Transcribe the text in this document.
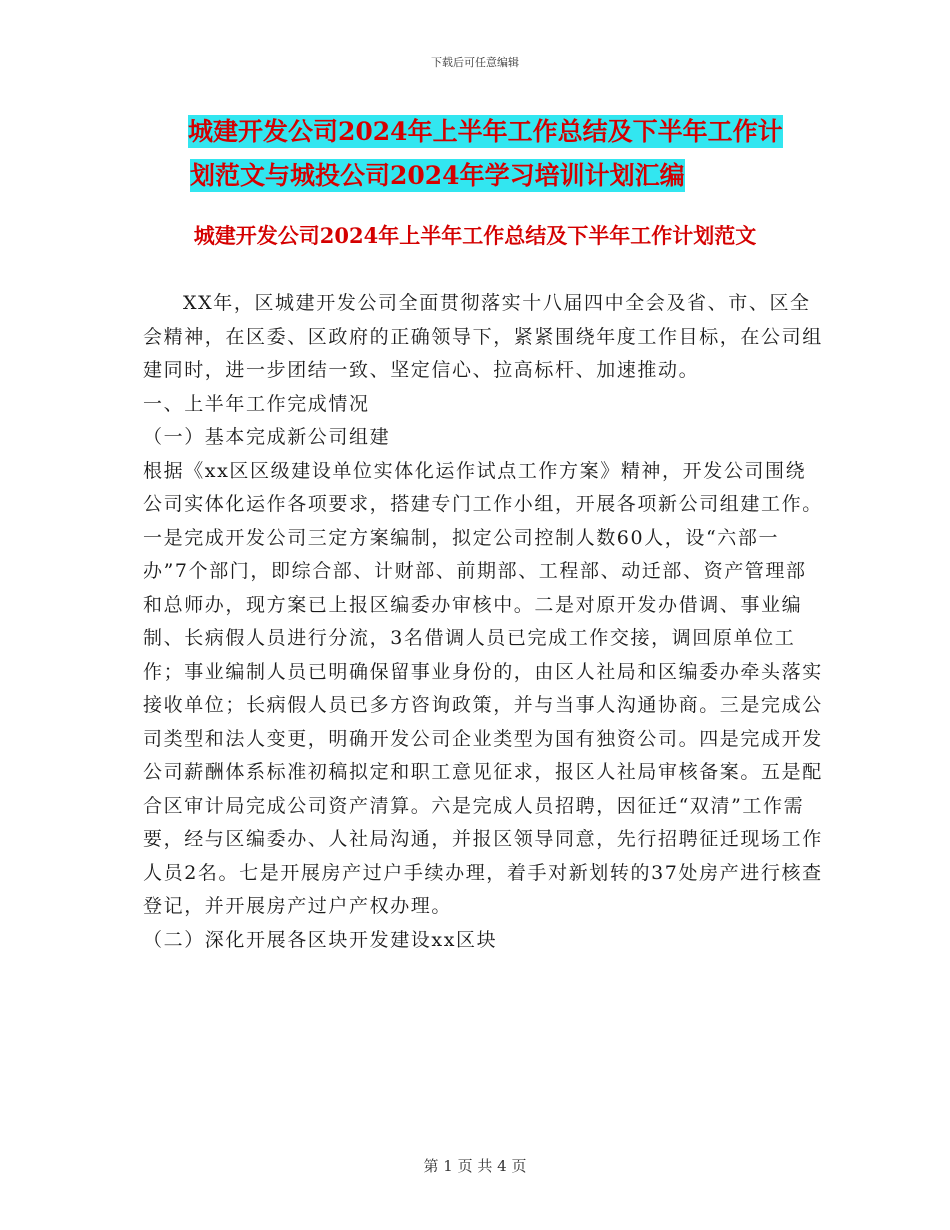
下载后可任意编辑
城建开发公司2024年上半年工作总结及下半年工作计
划范文与城投公司2024年学习培训计划汇编
城建开发公司2024年上半年工作总结及下半年工作计划范文

XX年，区城建开发公司全面贯彻落实十八届四中全会及省、市、区全会精神，在区委、区政府的正确领导下，紧紧围绕年度工作目标，在公司组建同时，进一步团结一致、坚定信心、拉高标杆、加速推动。

一、上半年工作完成情况

（一）基本完成新公司组建

根据《xx区区级建设单位实体化运作试点工作方案》精神，开发公司围绕公司实体化运作各项要求，搭建专门工作小组，开展各项新公司组建工作。

一是完成开发公司三定方案编制，拟定公司控制人数60人，设“六部一办”7个部门，即综合部、计财部、前期部、工程部、动迁部、资产管理部和总师办，现方案已上报区编委办审核中。二是对原开发办借调、事业编制、长病假人员进行分流，3名借调人员已完成工作交接，调回原单位工作；事业编制人员已明确保留事业身份的，由区人社局和区编委办牵头落实接收单位；长病假人员已多方咨询政策，并与当事人沟通协商。三是完成公司类型和法人变更，明确开发公司企业类型为国有独资公司。四是完成开发公司薪酬体系标准初稿拟定和职工意见征求，报区人社局审核备案。五是配合区审计局完成公司资产清算。六是完成人员招聘，因征迁“双清”工作需要，经与区编委办、人社局沟通，并报区领导同意，先行招聘征迁现场工作人员2名。七是开展房产过户手续办理，着手对新划转的37处房产进行核查登记，并开展房产过户产权办理。

（二）深化开展各区块开发建设xx区块

第 1 页 共 4 页
